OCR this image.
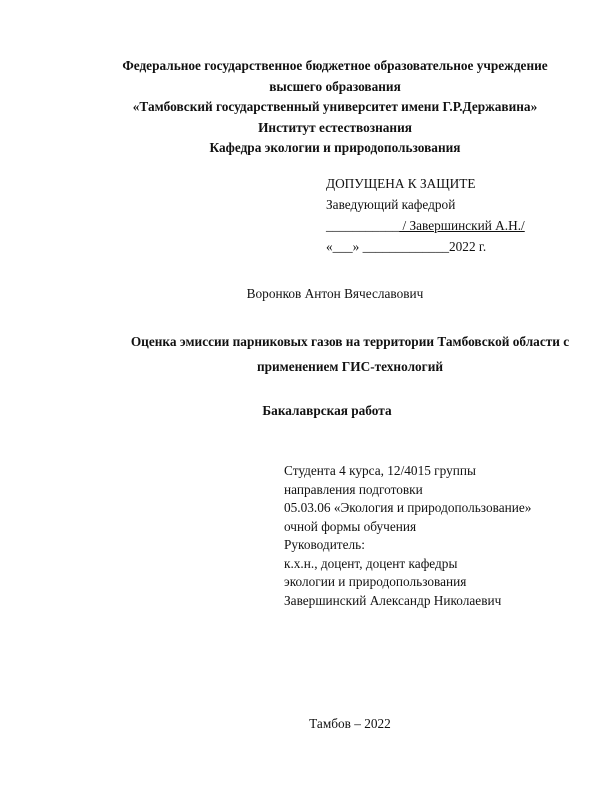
Федеральное государственное бюджетное образовательное учреждение
высшего образования
«Тамбовский государственный университет имени Г.Р.Державина»
Институт естествознания
Кафедра экологии и природопользования
ДОПУЩЕНА К ЗАЩИТЕ
Заведующий кафедрой
___________ / Завершинский А.Н./
«___» _____________2022 г.
Воронков Антон Вячеславович
Оценка эмиссии парниковых газов на территории Тамбовской области с
применением ГИС-технологий
Бакалаврская работа
Студента 4 курса, 12/4015 группы
направления подготовки
05.03.06 «Экология и природопользование»
очной формы обучения
Руководитель:
к.х.н., доцент, доцент кафедры
экологии и природопользования
Завершинский Александр Николаевич
Тамбов – 2022
